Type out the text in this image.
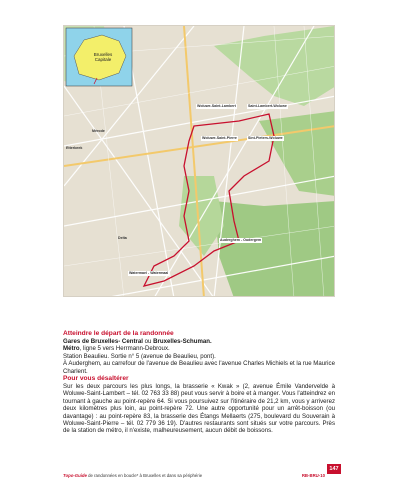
Bruxelles
Capitale
Woluwe-Saint-Lambert	Saint-Lambert-Woluwe
Woluwe-Saint-Pierre	Sint-Pieters-Woluwe
Auderghem - Oudergem
Watermael - Watermaal
Etterbeek
Mérode
Delta
Atteindre le départ de la randonnée

Gares de Bruxelles- Central ou Bruxelles-Schuman.

Métro, ligne 5 vers Herrmann-Debroux.

Station Beaulieu. Sortie n° 5 (avenue de Beaulieu, pont).

À Auderghem, au carrefour de l'avenue de Beaulieu avec l'avenue Charles Michiels et la rue Maurice Charlent.

Pour vous désaltérer

Sur les deux parcours les plus longs, la brasserie « Kwak » (2, avenue Émile Vandervelde à Woluwe-Saint-Lambert – tél. 02 763 33 88) peut vous servir à boire et à manger. Vous l'atteindrez en tournant à gauche au point-repère 64. Si vous poursuivez sur l'itinéraire de 21,2 km, vous y arriverez deux kilomètres plus loin, au point-repère 72. Une autre opportunité pour un arrêt-boisson (ou davantage) : au point-repère 83, la brasserie des Étangs Mellaerts (275, boulevard du Souverain à Woluwe-Saint-Pierre – tél. 02 779 36 19). D'autres restaurants sont situés sur votre parcours. Près de la station de métro, il n'existe, malheureusement, aucun débit de boissons.

Topo-Guide de randonnées en boucle* à Bruxelles et dans sa périphérie	RB-BRU-10
147
